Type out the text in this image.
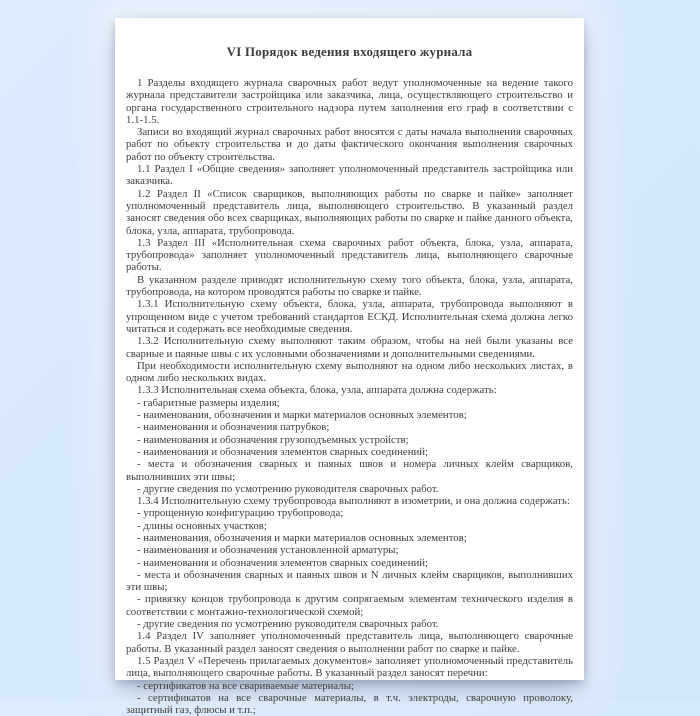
VI Порядок ведения входящего журнала

1 Разделы входящего журнала сварочных работ ведут уполномоченные на ведение такого журнала представители застройщика или заказчика, лица, осуществляющего строительство и органа государственного строительного надзора путем заполнения его граф в соответствии с 1.1-1.5.

Записи во входящий журнал сварочных работ вносятся с даты начала выполнения сварочных работ по объекту строительства и до даты фактического окончания выполнения сварочных работ по объекту строительства.

1.1 Раздел I «Общие сведения» заполняет уполномоченный представитель застройщика или заказчика.

1.2 Раздел II «Список сварщиков, выполняющих работы по сварке и пайке» заполняет уполномоченный представитель лица, выполняющего строительство. В указанный раздел заносят сведения обо всех сварщиках, выполняющих работы по сварке и пайке данного объекта, блока, узла, аппарата, трубопровода.

1.3 Раздел III «Исполнительная схема сварочных работ объекта, блока, узла, аппарата, трубопровода» заполняет уполномоченный представитель лица, выполняющего сварочные работы.

В указанном разделе приводят исполнительную схему того объекта, блока, узла, аппарата, трубопровода, на котором проводятся работы по сварке и пайке.

1.3.1 Исполнительную схему объекта, блока, узла, аппарата, трубопровода выполняют в упрощенном виде с учетом требований стандартов ЕСКД. Исполнительная схема должна легко читаться и содержать все необходимые сведения.

1.3.2 Исполнительную схему выполняют таким образом, чтобы на ней были указаны все сварные и паяные швы с их условными обозначениями и дополнительными сведениями.

При необходимости исполнительную схему выполняют на одном либо нескольких листах, в одном либо нескольких видах.

1.3.3 Исполнительная схема объекта, блока, узла, аппарата должна содержать:

- габаритные размеры изделия;

- наименования, обозначения и марки материалов основных элементов;

- наименования и обозначения патрубков;

- наименования и обозначения грузоподъемных устройств;

- наименования и обозначения элементов сварных соединений;

- места и обозначения сварных и паяных швов и номера личных клейм сварщиков, выполнивших эти швы;

- другие сведения по усмотрению руководителя сварочных работ.

1.3.4 Исполнительную схему трубопровода выполняют в изометрии, и она должна содержать:

- упрощенную конфигурацию трубопровода;

- длины основных участков;

- наименования, обозначения и марки материалов основных элементов;

- наименования и обозначения установленной арматуры;

- наименования и обозначения элементов сварных соединений;

- места и обозначения сварных и паяных швов и N личных клейм сварщиков, выполнивших эти швы;

- привязку концов трубопровода к другим сопрягаемым элементам технического изделия в соответствии с монтажно-технологической схемой;

- другие сведения по усмотрению руководителя сварочных работ.

1.4 Раздел IV заполняет уполномоченный представитель лица, выполняющего сварочные работы. В указанный раздел заносят сведения о выполнении работ по сварке и пайке.

1.5 Раздел V «Перечень прилагаемых документов» заполняет уполномоченный представитель лица, выполняющего сварочные работы. В указанный раздел заносят перечни:

- сертификатов на все свариваемые материалы;

- сертификатов на все сварочные материалы, в т.ч. электроды, сварочную проволоку, защитный газ, флюсы и т.п.;
